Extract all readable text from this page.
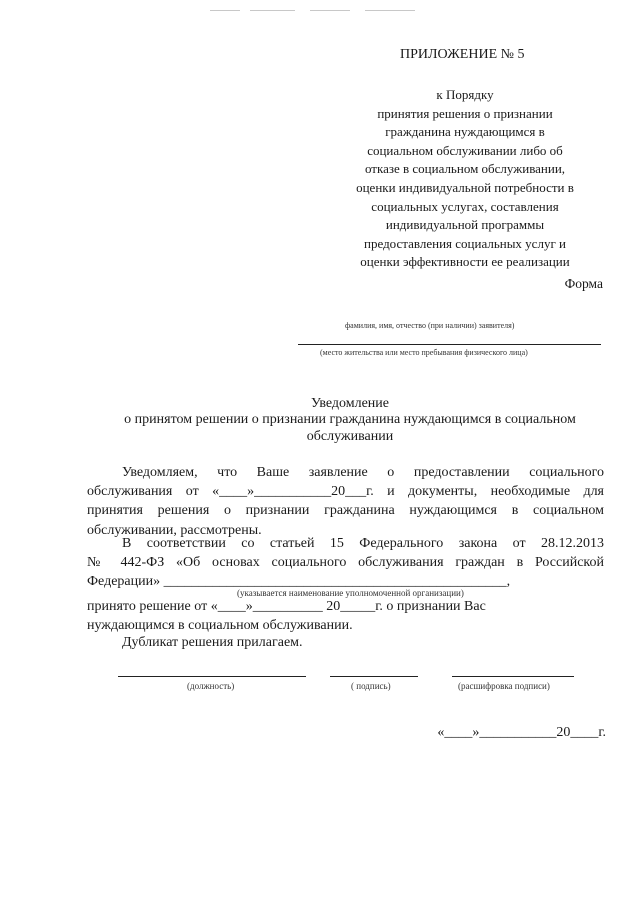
ПРИЛОЖЕНИЕ № 5
к Порядку
принятия решения о признании
гражданина нуждающимся в
социальном обслуживании либо об
отказе в социальном обслуживании,
оценки индивидуальной потребности в
социальных услугах, составления
индивидуальной программы
предоставления социальных услуг и
оценки эффективности ее реализации
Форма
фамилия, имя, отчество (при наличии) заявителя)
(место жительства или место пребывания физического лица)
Уведомление
о принятом решении о признании гражданина нуждающимся в социальном
обслуживании
Уведомляем, что Ваше заявление о предоставлении социального
обслуживания от «____»___________20___г. и документы, необходимые для
принятия решения о признании гражданина нуждающимся в социальном
обслуживании, рассмотрены.
В соответствии со статьей 15 Федерального закона от 28.12.2013
№ 442-ФЗ «Об основах социального обслуживания граждан в Российской
Федерации» _________________________________________________,
(указывается наименование уполномоченной организации)
принято решение от «____»__________ 20_____г. о признании Вас
нуждающимся в социальном обслуживании.
Дубликат решения прилагаем.
(должность)	( подпись)	(расшифровка подписи)
«____»___________20____г.
